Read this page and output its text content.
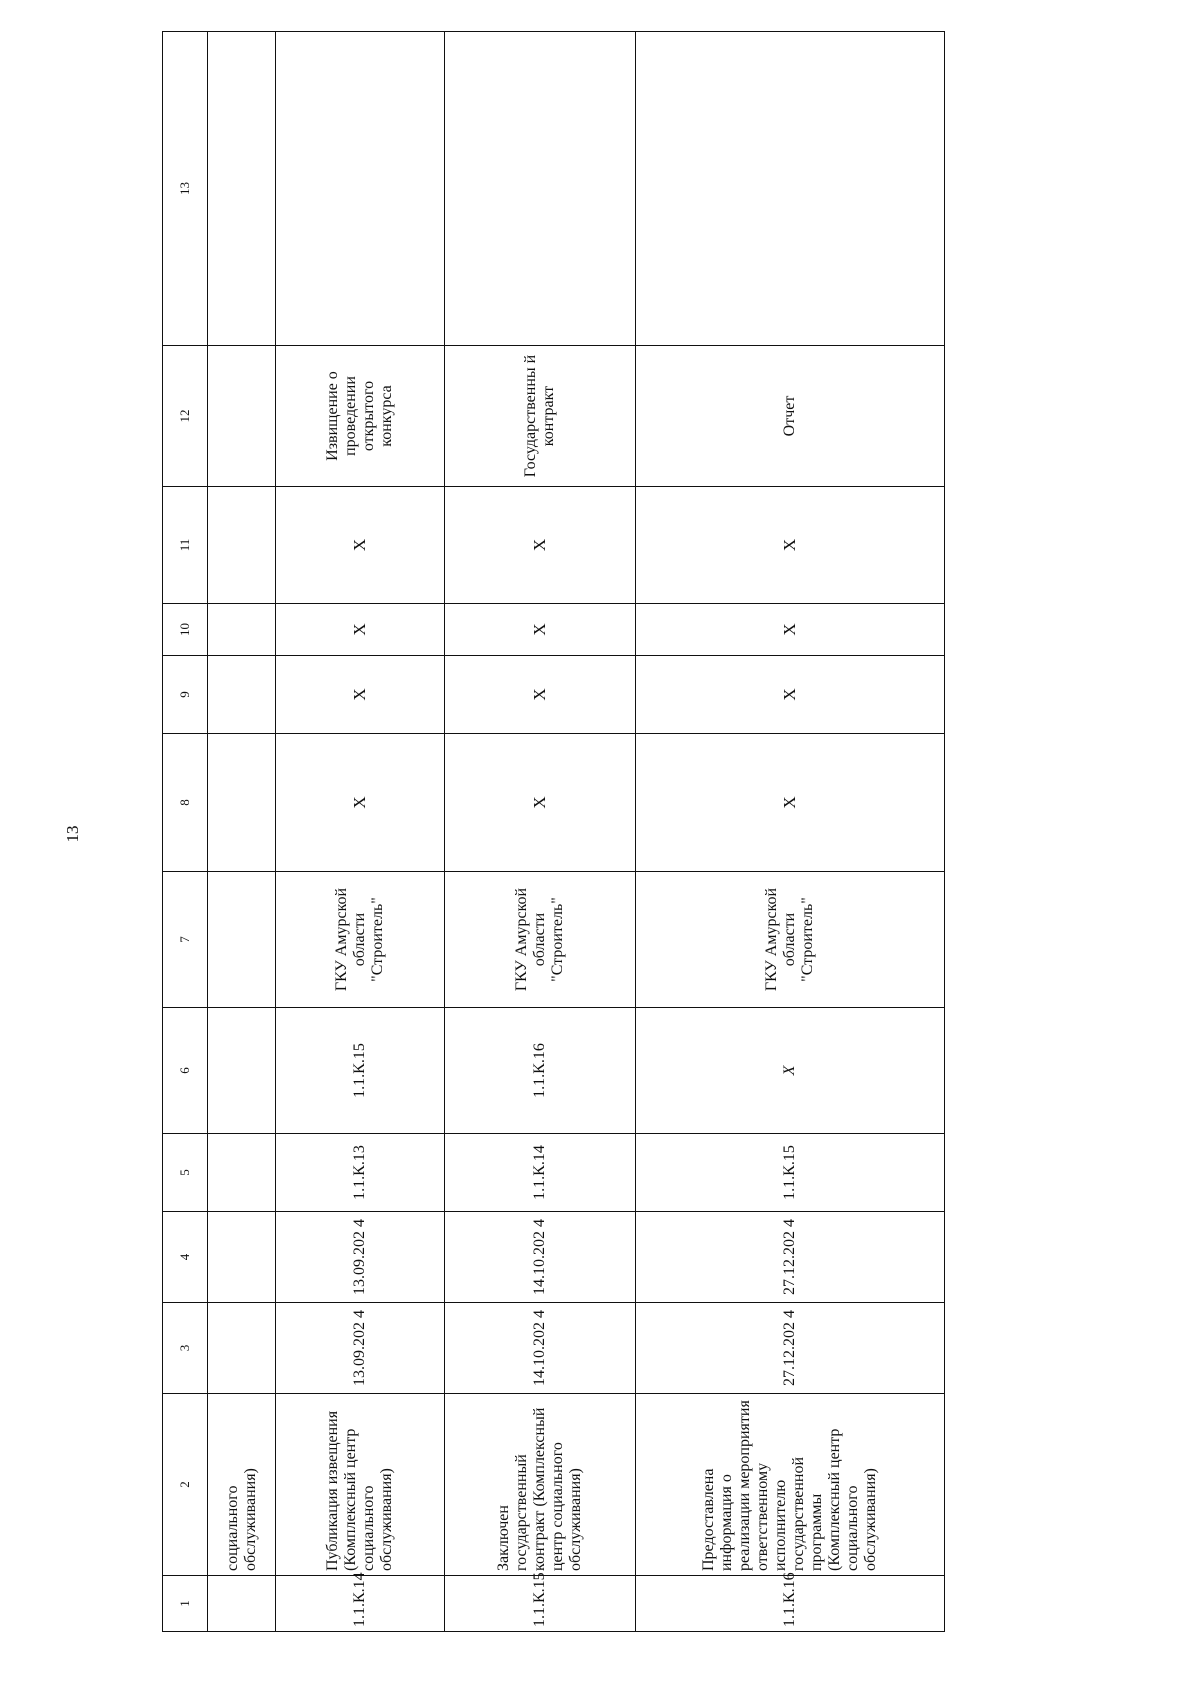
13
1	2	3	4	5	6	7	8	9	10	11	12	13
	социального обслуживания)											
1.1.К.14	Публикация извещения (Комплексный центр социального обслуживания)	13.09.202 4	13.09.202 4	1.1.К.13	1.1.К.15	ГКУ Амурской области "Строитель"	X	X	X	X	Извищение о проведении открытого конкурса	
1.1.К.15	Заключен государственный контракт (Комплексный центр социального обслуживания)	14.10.202 4	14.10.202 4	1.1.К.14	1.1.К.16	ГКУ Амурской области "Строитель"	X	X	X	X	Государственны й контракт	
1.1.К.16	Предоставлена информация о реализации мероприятия ответственному исполнителю государственной программы (Комплексный центр социального обслуживания)	27.12.202 4	27.12.202 4	1.1.К.15	Х	ГКУ Амурской области "Строитель"	X	X	X	X	Отчет	
